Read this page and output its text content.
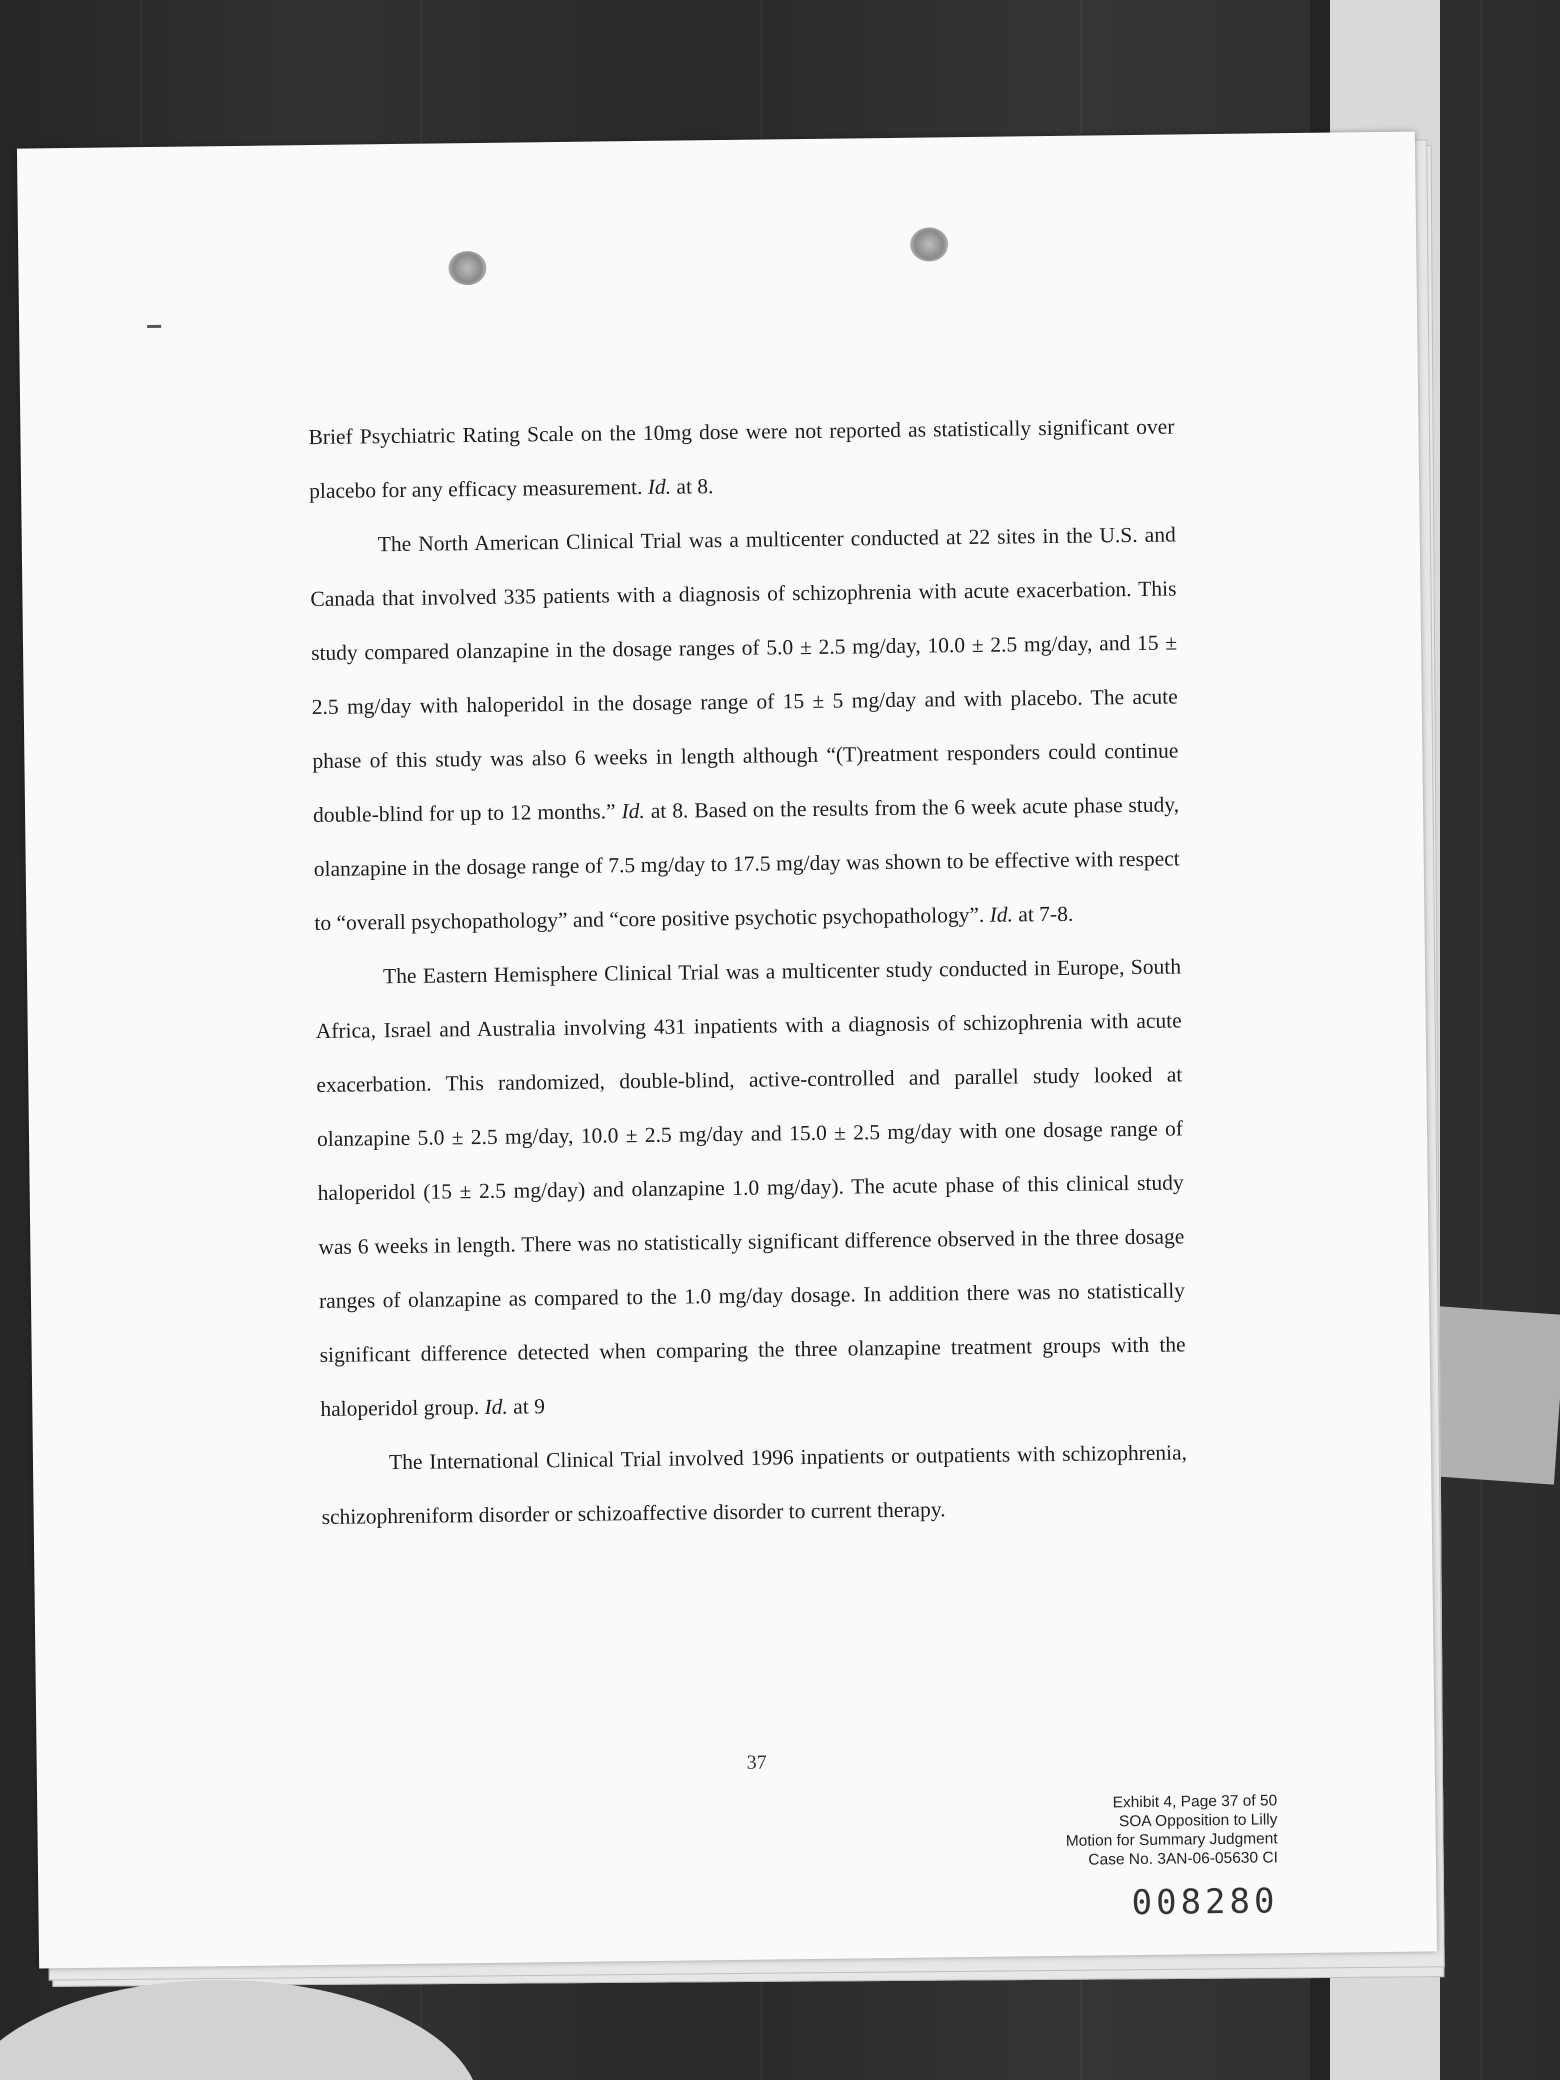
Brief Psychiatric Rating Scale on the 10mg dose were not reported as statistically significant over placebo for any efficacy measurement. Id. at 8.

The North American Clinical Trial was a multicenter conducted at 22 sites in the U.S. and Canada that involved 335 patients with a diagnosis of schizophrenia with acute exacerbation. This study compared olanzapine in the dosage ranges of 5.0 ± 2.5 mg/day, 10.0 ± 2.5 mg/day, and 15 ± 2.5 mg/day with haloperidol in the dosage range of 15 ± 5 mg/day and with placebo. The acute phase of this study was also 6 weeks in length although “(T)reatment responders could continue double-blind for up to 12 months.” Id. at 8. Based on the results from the 6 week acute phase study, olanzapine in the dosage range of 7.5 mg/day to 17.5 mg/day was shown to be effective with respect to “overall psychopathology” and “core positive psychotic psychopathology”. Id. at 7-8.

The Eastern Hemisphere Clinical Trial was a multicenter study conducted in Europe, South Africa, Israel and Australia involving 431 inpatients with a diagnosis of schizophrenia with acute exacerbation. This randomized, double-blind, active-controlled and parallel study looked at olanzapine 5.0 ± 2.5 mg/day, 10.0 ± 2.5 mg/day and 15.0 ± 2.5 mg/day with one dosage range of haloperidol (15 ± 2.5 mg/day) and olanzapine 1.0 mg/day). The acute phase of this clinical study was 6 weeks in length. There was no statistically significant difference observed in the three dosage ranges of olanzapine as compared to the 1.0 mg/day dosage. In addition there was no statistically significant difference detected when comparing the three olanzapine treatment groups with the haloperidol group. Id. at 9

The International Clinical Trial involved 1996 inpatients or outpatients with schizophrenia, schizophreniform disorder or schizoaffective disorder to current therapy.

37
Exhibit 4, Page 37 of 50
SOA Opposition to Lilly
Motion for Summary Judgment
Case No. 3AN-06-05630 CI
008280
